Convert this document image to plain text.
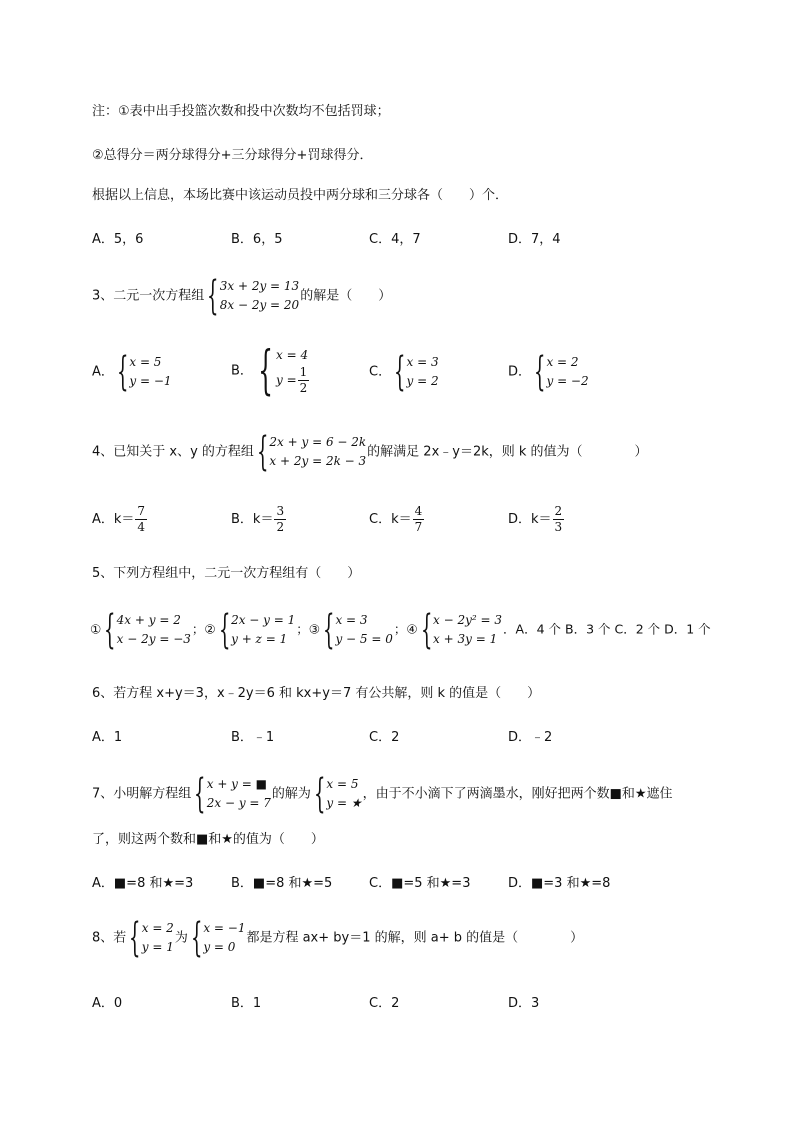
注：①表中出手投篮次数和投中次数均不包括罚球；
②总得分＝两分球得分+三分球得分+罚球得分．
根据以上信息，本场比赛中该运动员投中两分球和三分球各（　　）个．
A．5，6	B．6，5	C．4，7	D．7，4
3、二元一次方程组 { 3x + 2y = 13
8x − 2y = 20
的解是（　　）
A． { x = 5
y = −1
B． { x = 4
$y = \frac{1}{2}$	C． { x = 3
y = 2
D． { x = 2
y = −2
4、已知关于 x、y 的方程组 { 2x + y = 6 − 2k
x + 2y = 2k − 3
的解满足 2x﹣y＝2k，则 k 的值为（　　　　）
A．$k= \frac{7}{4}$	B．$k= \frac{3}{2}$	C．$k= \frac{4}{7}$	D．$k= \frac{2}{3}$
5、下列方程组中，二元一次方程组有（　　）
① { 4x + y = 2
x − 2y = −3
；② { 2x − y = 1
y + z = 1
；③ { x = 3
y − 5 = 0
；④ { x − 2y² = 3
x + 3y = 1
．A．4 个 B．3 个 C．2 个 D．1 个
6、若方程 x+y＝3，x﹣2y＝6 和 kx+y＝7 有公共解，则 k 的值是（　　）
A．1	B．﹣1	C．2	D．﹣2
7、小明解方程组 { x + y = ■
2x − y = 7
的解为 { x = 5
y = ★
，由于不小滴下了两滴墨水，刚好把两个数■和★遮住
了，则这两个数和■和★的值为（　　）
A．■=8 和★=3	B．■=8 和★=5	C．■=5 和★=3	D．■=3 和★=8
8、若 { x = 2
y = 1
为 { x = −1
y = 0
都是方程 ax+ by＝1 的解，则 a+ b 的值是（　　　　）
A．0	B．1	C．2	D．3
